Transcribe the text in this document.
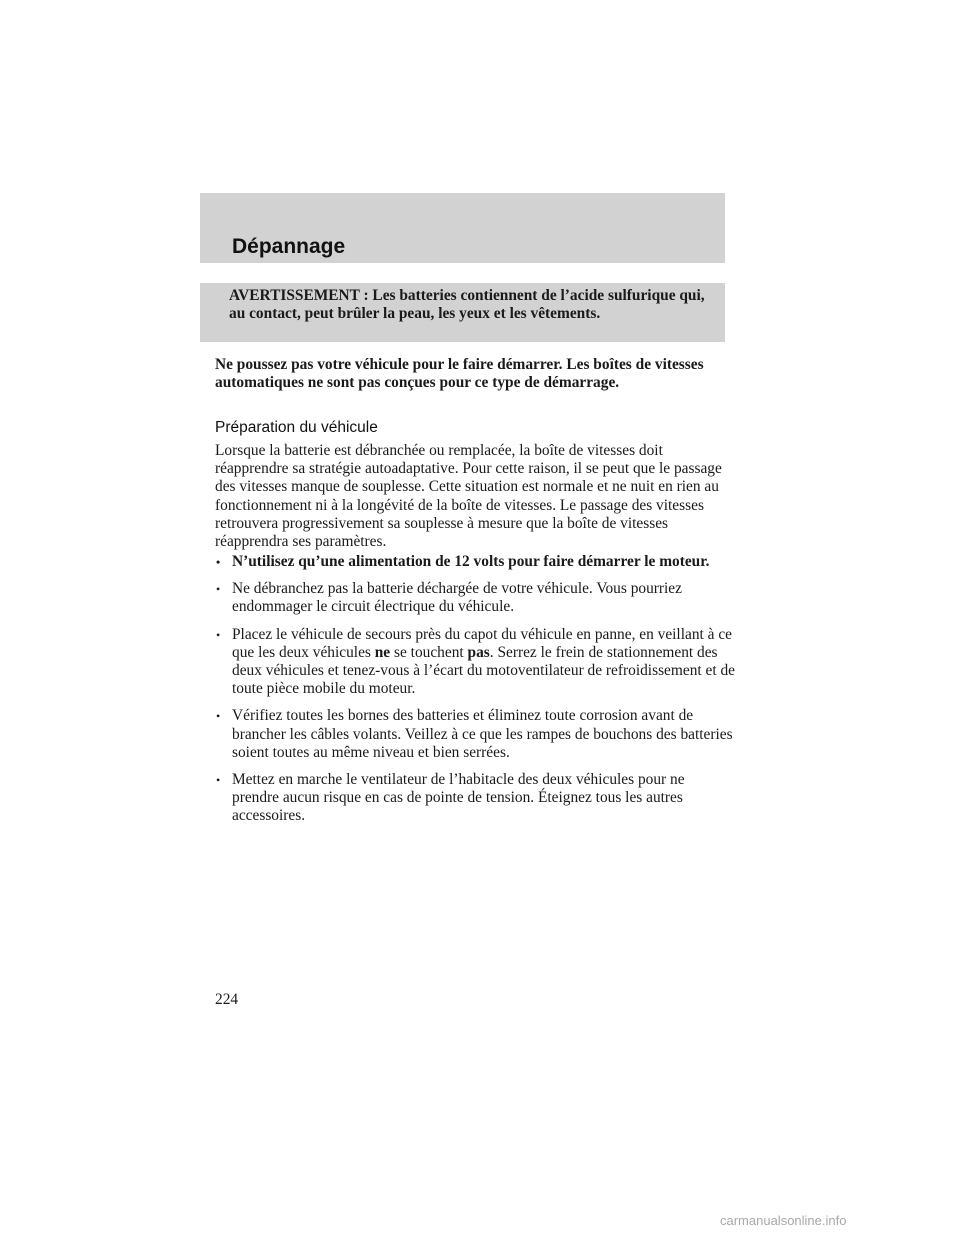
Dépannage
AVERTISSEMENT : Les batteries contiennent de l’acide sulfurique qui, au contact, peut brûler la peau, les yeux et les vêtements.
Ne poussez pas votre véhicule pour le faire démarrer. Les boîtes de vitesses automatiques ne sont pas conçues pour ce type de démarrage.
Préparation du véhicule
Lorsque la batterie est débranchée ou remplacée, la boîte de vitesses doit réapprendre sa stratégie autoadaptative. Pour cette raison, il se peut que le passage des vitesses manque de souplesse. Cette situation est normale et ne nuit en rien au fonctionnement ni à la longévité de la boîte de vitesses. Le passage des vitesses retrouvera progressivement sa souplesse à mesure que la boîte de vitesses réapprendra ses paramètres.
• N’utilisez qu’une alimentation de 12 volts pour faire démarrer le moteur.
• Ne débranchez pas la batterie déchargée de votre véhicule. Vous pourriez endommager le circuit électrique du véhicule.
• Placez le véhicule de secours près du capot du véhicule en panne, en veillant à ce que les deux véhicules ne se touchent pas. Serrez le frein de stationnement des deux véhicules et tenez-vous à l’écart du motoventilateur de refroidissement et de toute pièce mobile du moteur.
• Vérifiez toutes les bornes des batteries et éliminez toute corrosion avant de brancher les câbles volants. Veillez à ce que les rampes de bouchons des batteries soient toutes au même niveau et bien serrées.
• Mettez en marche le ventilateur de l’habitacle des deux véhicules pour ne prendre aucun risque en cas de pointe de tension. Éteignez tous les autres accessoires.
224
carmanualsonline.info
